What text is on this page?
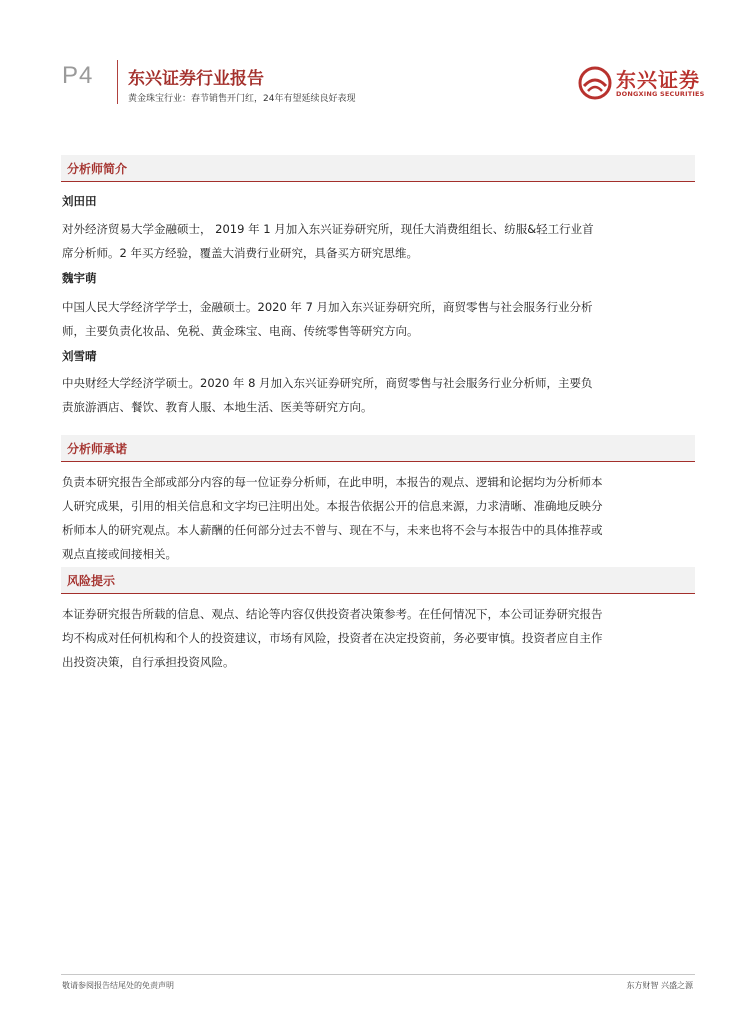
P4 东兴证券行业报告
黄金珠宝行业：春节销售开门红，24年有望延续良好表现
东兴证券
DONGXING SECURITIES
分析师简介
刘田田
对外经济贸易大学金融硕士， 2019 年 1 月加入东兴证券研究所，现任大消费组组长、纺服&轻工行业首
席分析师。2 年买方经验，覆盖大消费行业研究，具备买方研究思维。
魏宇萌
中国人民大学经济学学士，金融硕士。2020 年 7 月加入东兴证券研究所，商贸零售与社会服务行业分析
师，主要负责化妆品、免税、黄金珠宝、电商、传统零售等研究方向。
刘雪晴
中央财经大学经济学硕士。2020 年 8 月加入东兴证券研究所，商贸零售与社会服务行业分析师，主要负
责旅游酒店、餐饮、教育人服、本地生活、医美等研究方向。
分析师承诺
负责本研究报告全部或部分内容的每一位证券分析师，在此申明，本报告的观点、逻辑和论据均为分析师本
人研究成果，引用的相关信息和文字均已注明出处。本报告依据公开的信息来源，力求清晰、准确地反映分
析师本人的研究观点。本人薪酬的任何部分过去不曾与、现在不与，未来也将不会与本报告中的具体推荐或
观点直接或间接相关。
风险提示
本证券研究报告所载的信息、观点、结论等内容仅供投资者决策参考。在任何情况下，本公司证券研究报告
均不构成对任何机构和个人的投资建议，市场有风险，投资者在决定投资前，务必要审慎。投资者应自主作
出投资决策，自行承担投资风险。
敬请参阅报告结尾处的免责声明	东方财智 兴盛之源
